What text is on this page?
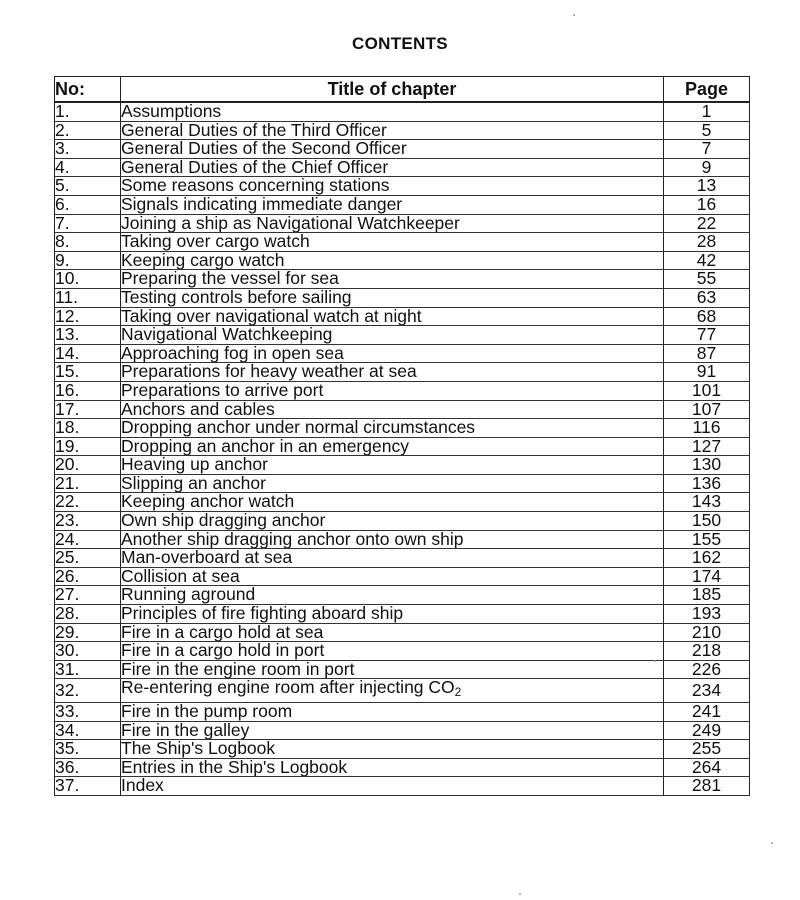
CONTENTS
No:	Title of chapter	Page
1.	Assumptions	1
2.	General Duties of the Third Officer	5
3.	General Duties of the Second Officer	7
4.	General Duties of the Chief Officer	9
5.	Some reasons concerning stations	13
6.	Signals indicating immediate danger	16
7.	Joining a ship as Navigational Watchkeeper	22
8.	Taking over cargo watch	28
9.	Keeping cargo watch	42
10.	Preparing the vessel for sea	55
11.	Testing controls before sailing	63
12.	Taking over navigational watch at night	68
13.	Navigational Watchkeeping	77
14.	Approaching fog in open sea	87
15.	Preparations for heavy weather at sea	91
16.	Preparations to arrive port	101
17.	Anchors and cables	107
18.	Dropping anchor under normal circumstances	116
19.	Dropping an anchor in an emergency	127
20.	Heaving up anchor	130
21.	Slipping an anchor	136
22.	Keeping anchor watch	143
23.	Own ship dragging anchor	150
24.	Another ship dragging anchor onto own ship	155
25.	Man-overboard at sea	162
26.	Collision at sea	174
27.	Running aground	185
28.	Principles of fire fighting aboard ship	193
29.	Fire in a cargo hold at sea	210
30.	Fire in a cargo hold in port	218
31.	Fire in the engine room in port	226
32.	Re-entering engine room after injecting $CO_2$	234
33.	Fire in the pump room	241
34.	Fire in the galley	249
35.	The Ship's Logbook	255
36.	Entries in the Ship's Logbook	264
37.	Index	281
